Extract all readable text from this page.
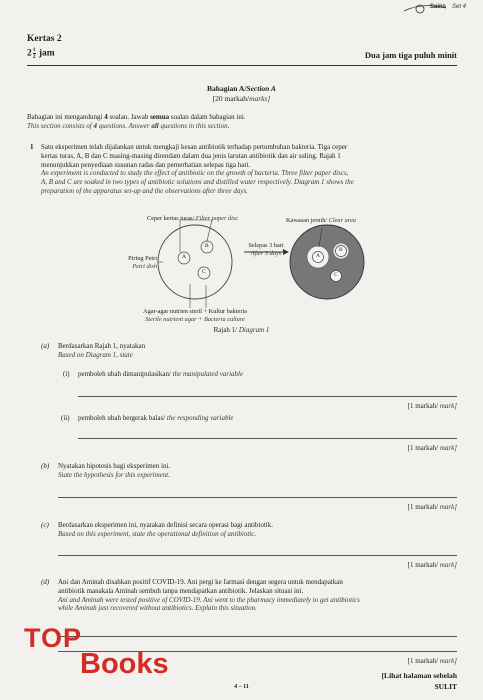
Sains Set 4
Kertas 2
$2 \frac{1}{2}$ jam	Dua jam tiga puluh minit
Bahagian A/Section A
[20 markah/marks]
Bahagian ini mengandungi 4 soalan. Jawab semua soalan dalam bahagian ini.
This section consists of 4 questions. Answer all questions in this section.
1 Satu eksperimen telah dijalankan untuk mengkaji kesan antibiotik terhadap pertumbuhan bakteria. Tiga ceper
kertas turas, A, B dan C masing-masing direndam dalam dua jenis larutan antibiotik dan air suling. Rajah 1
menunjukkan penyediaan susunan radas dan pemerhatian selepas tiga hari.
An experiment is conducted to study the effect of antibiotic on the growth of bacteria. Three filter paper discs,
A, B and C are soaked in two types of antibiotic solutions and distilled water respectively. Diagram 1 shows the
preparation of the apparatus set-up and the observations after three days.
Ceper kertas turas/ Filter paper disc	Kawasan jernih/ Clear area
Piring Petri
Petri dish
Selepas 3 hari
After 3 days
Agar-agar nutrien steril + Kultur bakteria
Sterile nutrient agar + Bacteria culture
A
B
C
A
B
C
Rajah 1/ Diagram 1
(a) Berdasarkan Rajah 1, nyatakan
Based on Diagram 1, state
(i) pemboleh ubah dimanipulasikan/ the manipulated variable
[1 markah/ mark]
(ii) pemboleh ubah bergerak balas/ the responding variable
[1 markah/ mark]
(b) Nyatakan hipotesis bagi eksperimen ini.
State the hypothesis for this experiment.
[1 markah/ mark]
(c) Berdasarkan eksperimen ini, nyatakan definisi secara operasi bagi antibiotik.
Based on this experiment, state the operational definition of antibiotic.
[1 markah/ mark]
(d) Ani dan Aminah disahkan positif COVID-19. Ani pergi ke farmasi dengan segera untuk mendapatkan
antibiotik manakala Aminah sembuh tanpa mendapatkan antibiotik. Jelaskan situasi ini.
Ani and Aminah were tested positive of COVID-19. Ani went to the pharmacy immediately to get antibiotics
while Aminah just recovered without antibiotics. Explain this situation.
[1 markah/ mark]
[Lihat halaman sebelah
4 – 11	SULIT
TOP
Books
